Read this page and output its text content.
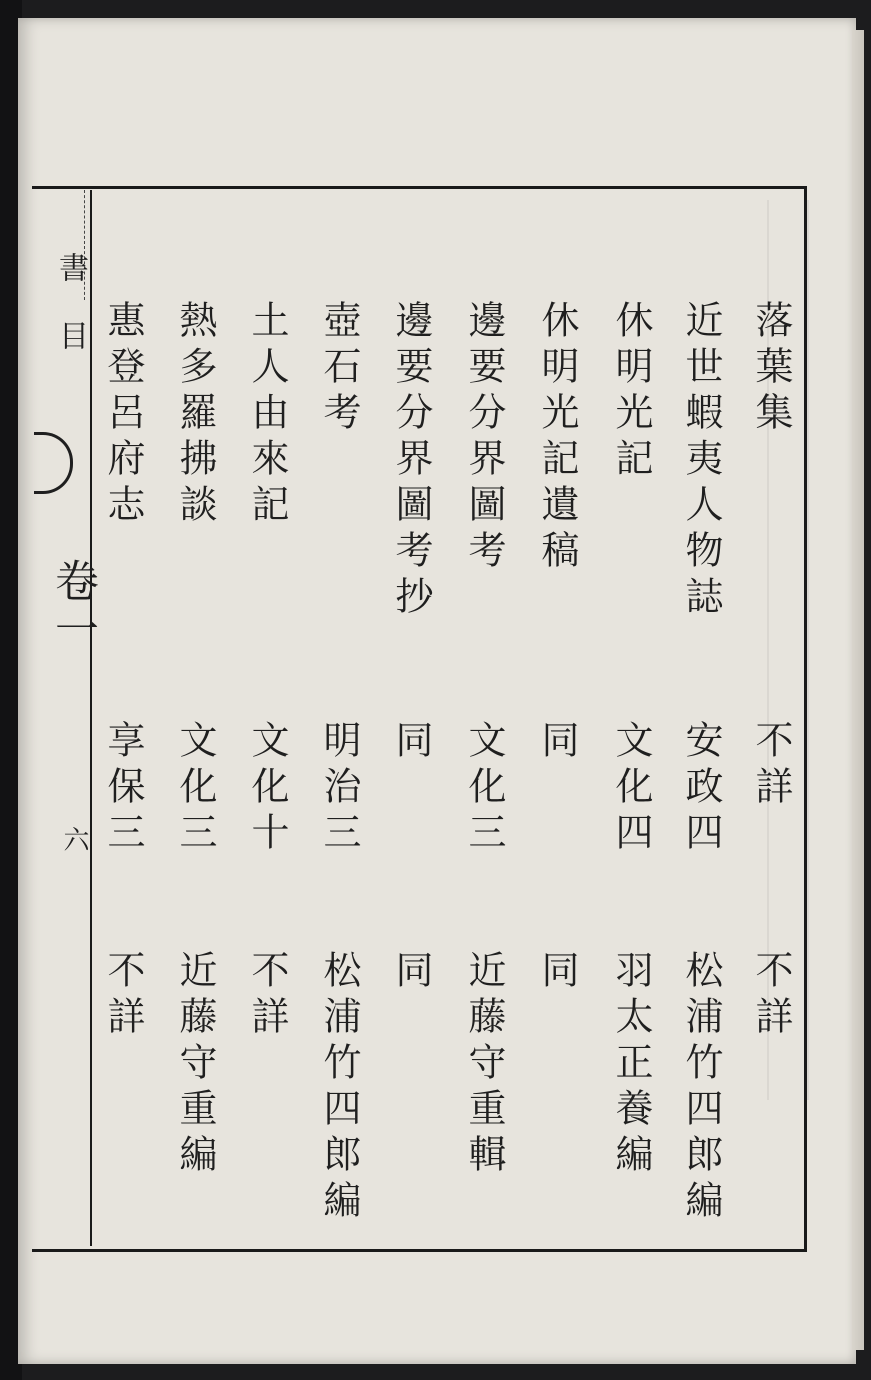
書目
卷一
六
落葉集
不詳
不詳
近世蝦夷人物誌
安政四
松浦竹四郎編
休明光記
文化四
羽太正養編
休明光記遺稿
同
同
邊要分界圖考
文化三
近藤守重輯
邊要分界圖考抄
同
同
壺石考
明治三
松浦竹四郎編
土人由來記
文化十
不詳
熱多羅拂談
文化三
近藤守重編
惠登呂府志
享保三
不詳
